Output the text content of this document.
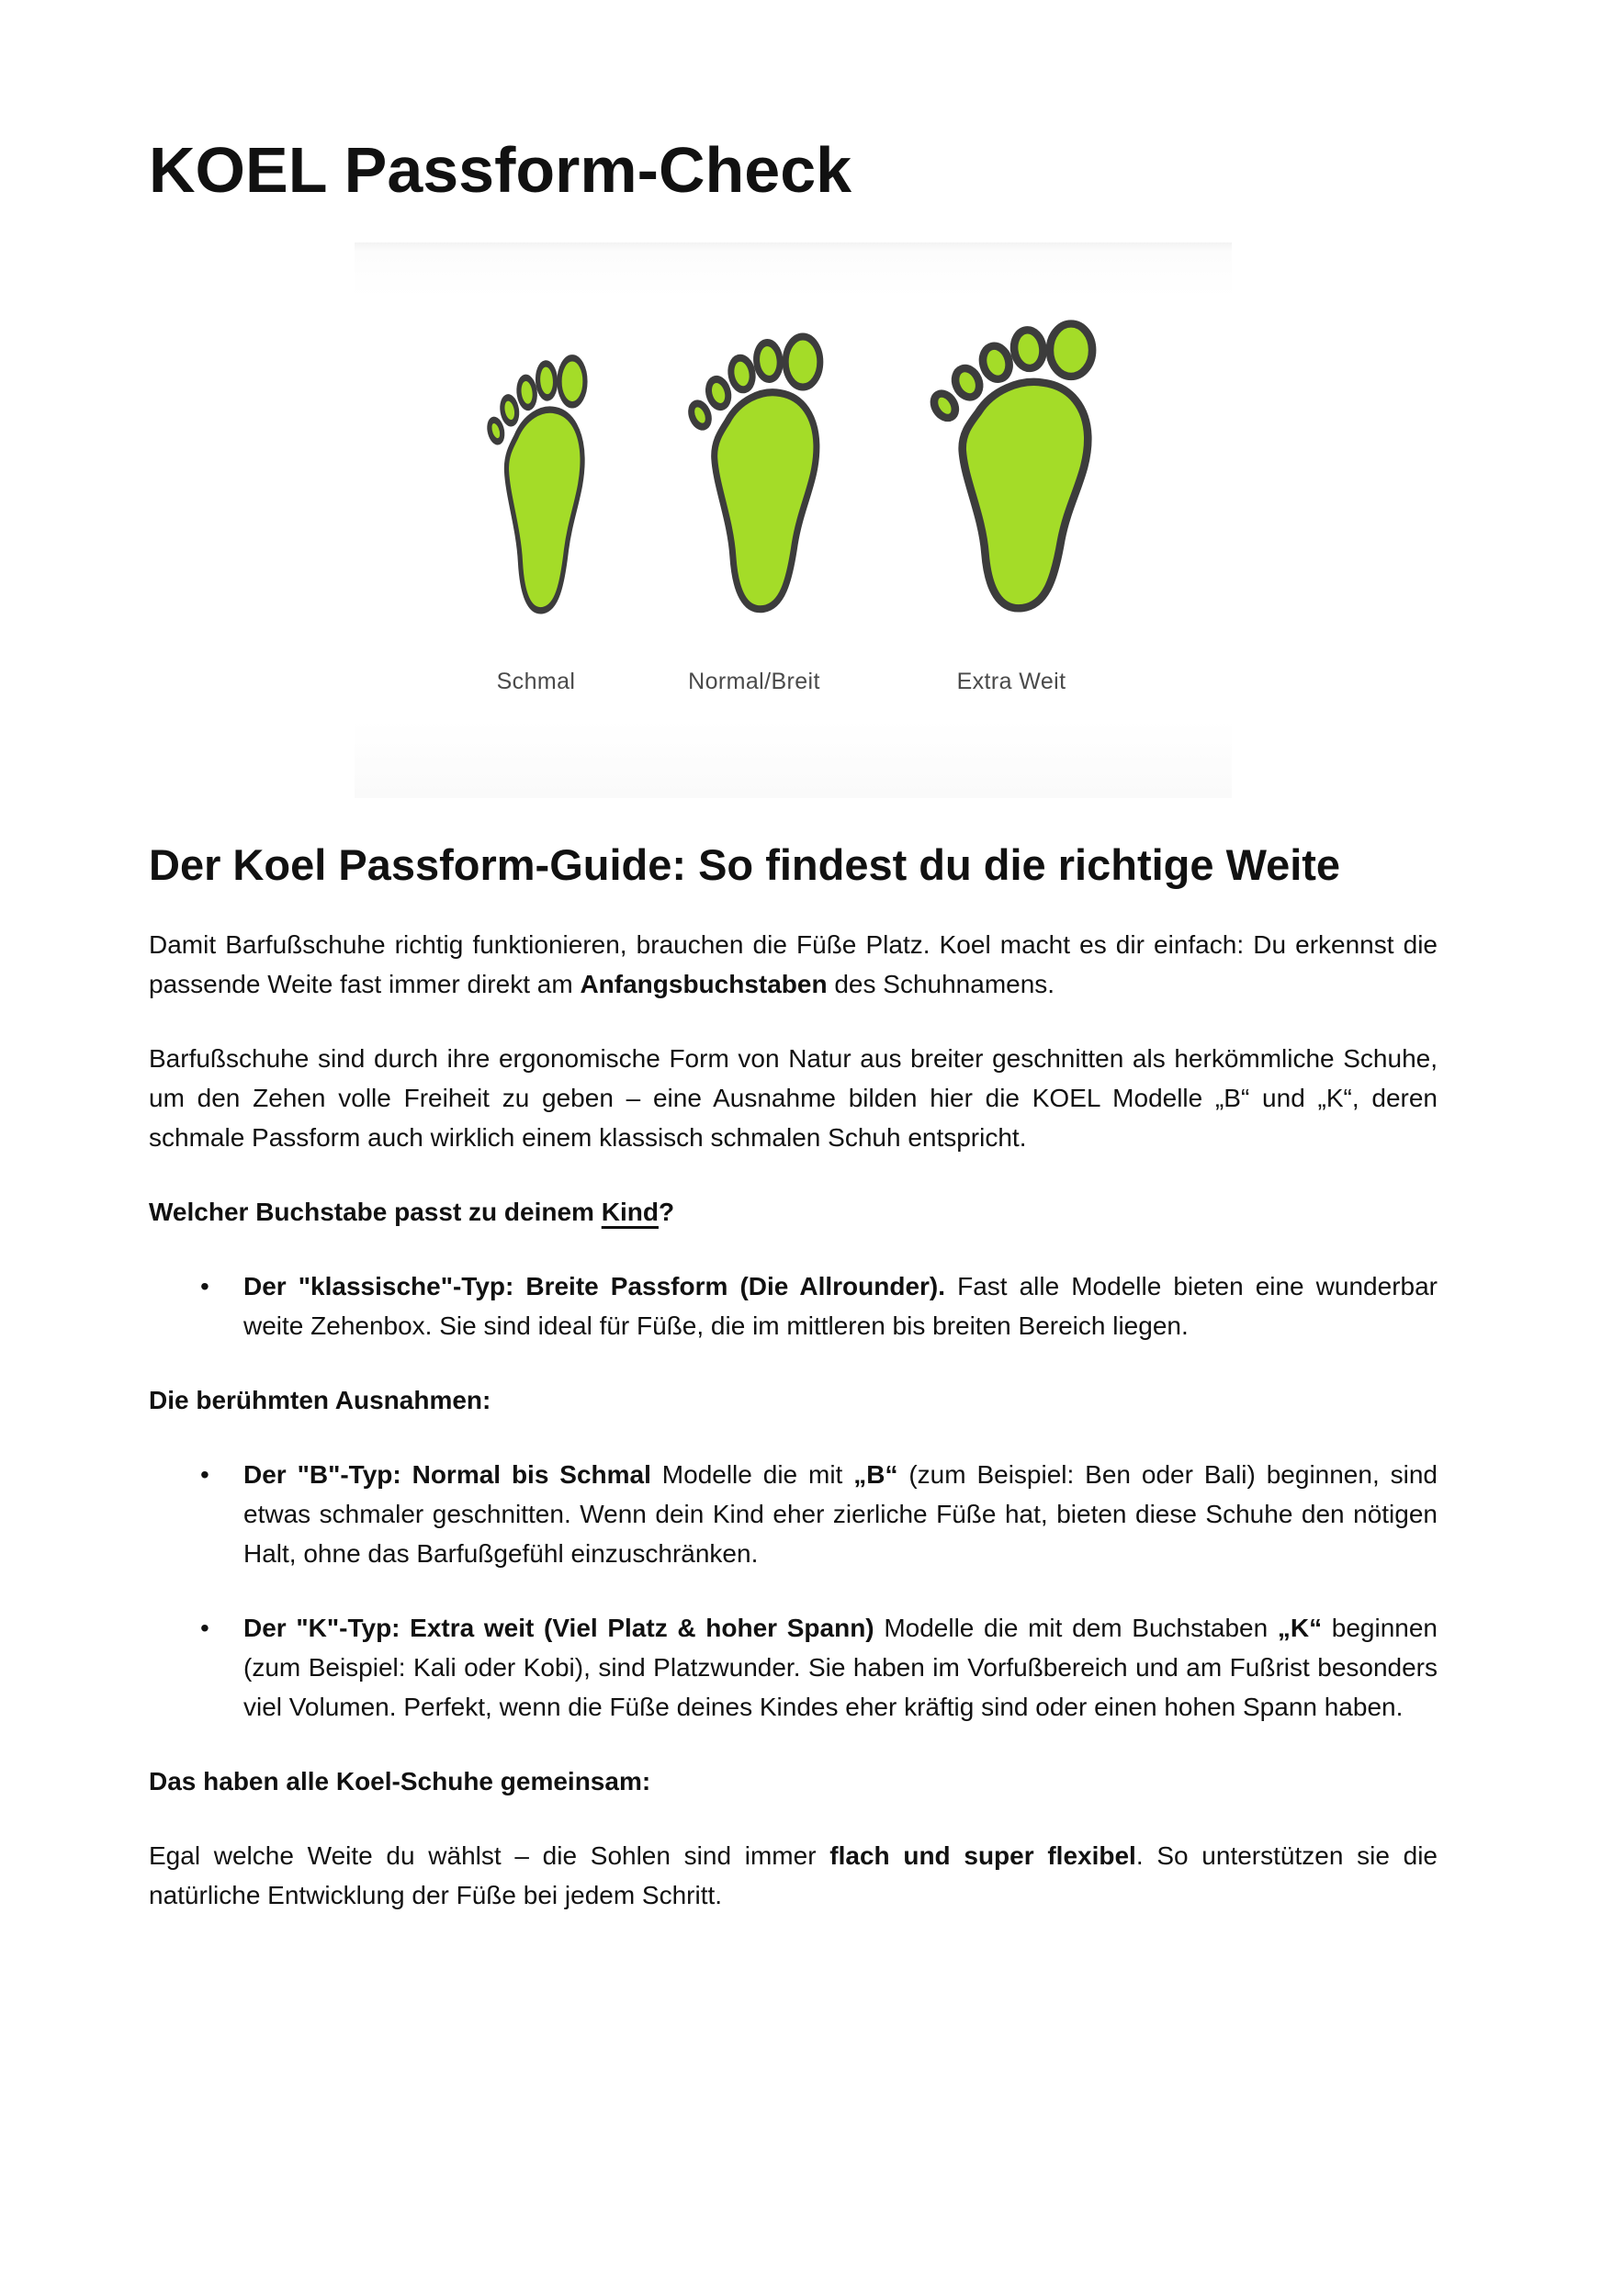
KOEL Passform-Check
Schmal	Normal/Breit	Extra Weit
Der Koel Passform-Guide: So findest du die richtige Weite

Damit Barfußschuhe richtig funktionieren, brauchen die Füße Platz. Koel macht es dir einfach: Du erkennst die passende Weite fast immer direkt am Anfangsbuchstaben des Schuhnamens.

Barfußschuhe sind durch ihre ergonomische Form von Natur aus breiter geschnitten als herkömmliche Schuhe, um den Zehen volle Freiheit zu geben – eine Ausnahme bilden hier die KOEL Modelle „B“ und „K“, deren schmale Passform auch wirklich einem klassisch schmalen Schuh entspricht.

Welcher Buchstabe passt zu deinem Kind?
• Der "klassische"-Typ: Breite Passform (Die Allrounder). Fast alle Modelle bieten eine wunderbar weite Zehenbox. Sie sind ideal für Füße, die im mittleren bis breiten Bereich liegen.
Die berühmten Ausnahmen:
• Der "B"-Typ: Normal bis Schmal Modelle die mit „B“ (zum Beispiel: Ben oder Bali) beginnen, sind etwas schmaler geschnitten. Wenn dein Kind eher zierliche Füße hat, bieten diese Schuhe den nötigen Halt, ohne das Barfußgefühl einzuschränken.
• Der "K"-Typ: Extra weit (Viel Platz & hoher Spann) Modelle die mit dem Buchstaben „K“ beginnen (zum Beispiel: Kali oder Kobi), sind Platzwunder. Sie haben im Vorfußbereich und am Fußrist besonders viel Volumen. Perfekt, wenn die Füße deines Kindes eher kräftig sind oder einen hohen Spann haben.
Das haben alle Koel-Schuhe gemeinsam:

Egal welche Weite du wählst – die Sohlen sind immer flach und super flexibel. So unterstützen sie die natürliche Entwicklung der Füße bei jedem Schritt.
